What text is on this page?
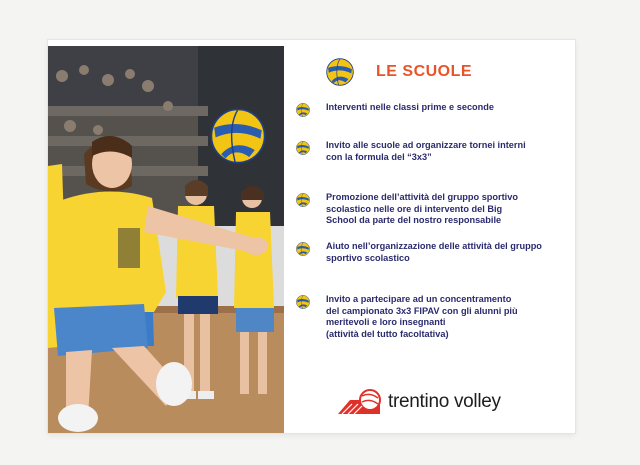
LE SCUOLE
Interventi nelle classi prime e seconde
Invito alle scuole ad organizzare tornei interni
con la formula del “3x3”
Promozione dell’attività del gruppo sportivo
scolastico nelle ore di intervento del Big
School da parte del nostro responsabile
Aiuto nell’organizzazione delle attività del gruppo
sportivo scolastico
Invito a partecipare ad un concentramento
del campionato 3x3 FIPAV con gli alunni più
meritevoli e loro insegnanti
(attività del tutto facoltativa)
trentino volley
